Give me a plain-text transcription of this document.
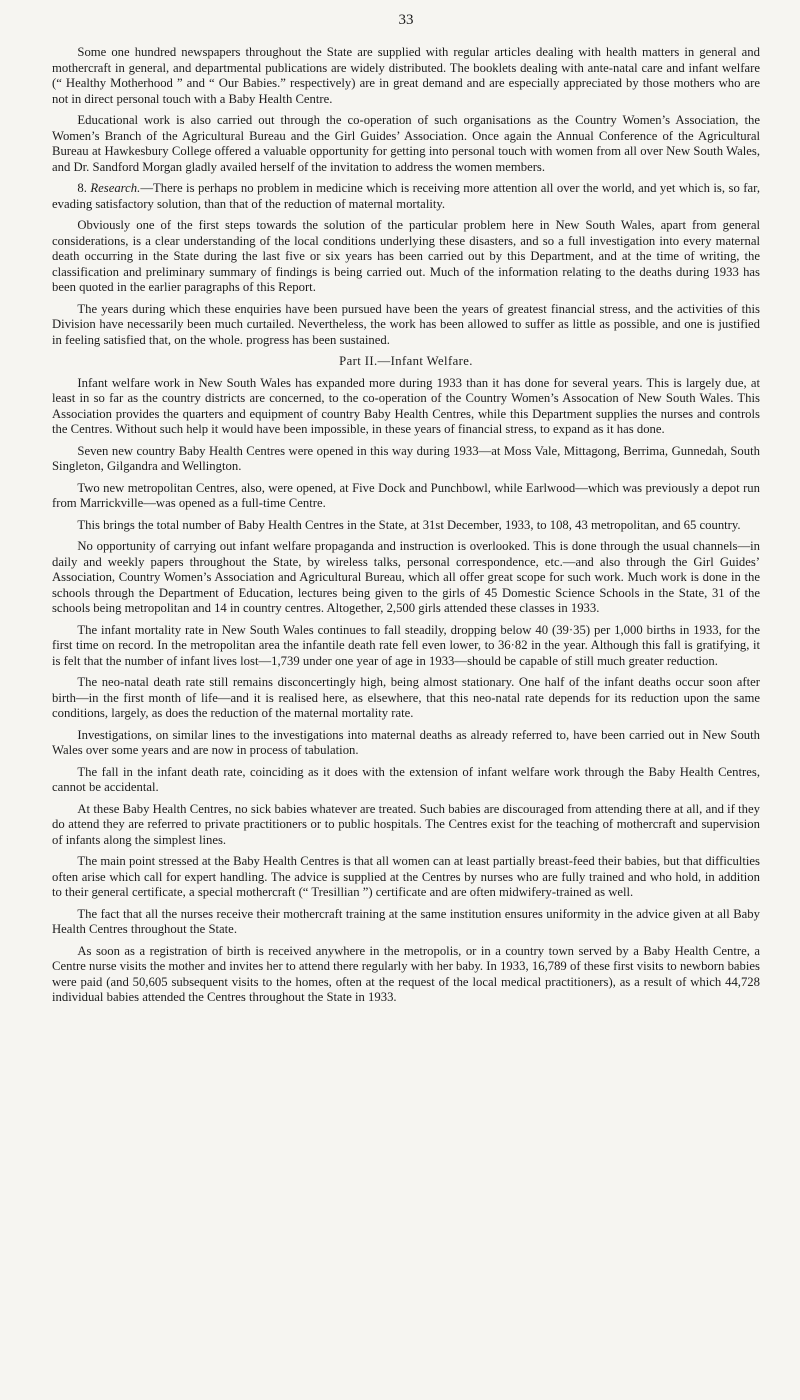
33

Some one hundred newspapers throughout the State are supplied with regular articles dealing with health matters in general and mothercraft in general, and departmental publications are widely distributed. The booklets dealing with ante-natal care and infant welfare (“ Healthy Motherhood ” and “ Our Babies.” respectively) are in great demand and are especially appreciated by those mothers who are not in direct personal touch with a Baby Health Centre.

Educational work is also carried out through the co-operation of such organisations as the Country Women’s Association, the Women’s Branch of the Agricultural Bureau and the Girl Guides’ Association. Once again the Annual Conference of the Agricultural Bureau at Hawkesbury College offered a valuable opportunity for getting into personal touch with women from all over New South Wales, and Dr. Sandford Morgan gladly availed herself of the invitation to address the women members.

8. Research.—There is perhaps no problem in medicine which is receiving more attention all over the world, and yet which is, so far, evading satisfactory solution, than that of the reduction of maternal mortality.

Obviously one of the first steps towards the solution of the particular problem here in New South Wales, apart from general considerations, is a clear understanding of the local conditions underlying these disasters, and so a full investigation into every maternal death occurring in the State during the last five or six years has been carried out by this Department, and at the time of writing, the classification and preliminary summary of findings is being carried out. Much of the information relating to the deaths during 1933 has been quoted in the earlier paragraphs of this Report.

The years during which these enquiries have been pursued have been the years of greatest financial stress, and the activities of this Division have necessarily been much curtailed. Nevertheless, the work has been allowed to suffer as little as possible, and one is justified in feeling satisfied that, on the whole. progress has been sustained.

Part II.—Infant Welfare.

Infant welfare work in New South Wales has expanded more during 1933 than it has done for several years. This is largely due, at least in so far as the country districts are concerned, to the co-operation of the Country Women’s Assocation of New South Wales. This Association provides the quarters and equipment of country Baby Health Centres, while this Department supplies the nurses and controls the Centres. Without such help it would have been impossible, in these years of financial stress, to expand as it has done.

Seven new country Baby Health Centres were opened in this way during 1933—at Moss Vale, Mittagong, Berrima, Gunnedah, South Singleton, Gilgandra and Wellington.

Two new metropolitan Centres, also, were opened, at Five Dock and Punchbowl, while Earlwood—which was previously a depot run from Marrickville—was opened as a full-time Centre.

This brings the total number of Baby Health Centres in the State, at 31st December, 1933, to 108, 43 metropolitan, and 65 country.

No opportunity of carrying out infant welfare propaganda and instruction is overlooked. This is done through the usual channels—in daily and weekly papers throughout the State, by wireless talks, personal correspondence, etc.—and also through the Girl Guides’ Association, Country Women’s Association and Agricultural Bureau, which all offer great scope for such work. Much work is done in the schools through the Department of Education, lectures being given to the girls of 45 Domestic Science Schools in the State, 31 of the schools being metropolitan and 14 in country centres. Altogether, 2,500 girls attended these classes in 1933.

The infant mortality rate in New South Wales continues to fall steadily, dropping below 40 (39·35) per 1,000 births in 1933, for the first time on record. In the metropolitan area the infantile death rate fell even lower, to 36·82 in the year. Although this fall is gratifying, it is felt that the number of infant lives lost—1,739 under one year of age in 1933—should be capable of still much greater reduction.

The neo-natal death rate still remains disconcertingly high, being almost stationary. One half of the infant deaths occur soon after birth—in the first month of life—and it is realised here, as elsewhere, that this neo-natal rate depends for its reduction upon the same conditions, largely, as does the reduction of the maternal mortality rate.

Investigations, on similar lines to the investigations into maternal deaths as already referred to, have been carried out in New South Wales over some years and are now in process of tabulation.

The fall in the infant death rate, coinciding as it does with the extension of infant welfare work through the Baby Health Centres, cannot be accidental.

At these Baby Health Centres, no sick babies whatever are treated. Such babies are discouraged from attending there at all, and if they do attend they are referred to private practitioners or to public hospitals. The Centres exist for the teaching of mothercraft and supervision of infants along the simplest lines.

The main point stressed at the Baby Health Centres is that all women can at least partially breast-feed their babies, but that difficulties often arise which call for expert handling. The advice is supplied at the Centres by nurses who are fully trained and who hold, in addition to their general certificate, a special mothercraft (“ Tresillian ”) certificate and are often midwifery-trained as well.

The fact that all the nurses receive their mothercraft training at the same institution ensures uniformity in the advice given at all Baby Health Centres throughout the State.

As soon as a registration of birth is received anywhere in the metropolis, or in a country town served by a Baby Health Centre, a Centre nurse visits the mother and invites her to attend there regularly with her baby. In 1933, 16,789 of these first visits to newborn babies were paid (and 50,605 subsequent visits to the homes, often at the request of the local medical practitioners), as a result of which 44,728 individual babies attended the Centres throughout the State in 1933.
